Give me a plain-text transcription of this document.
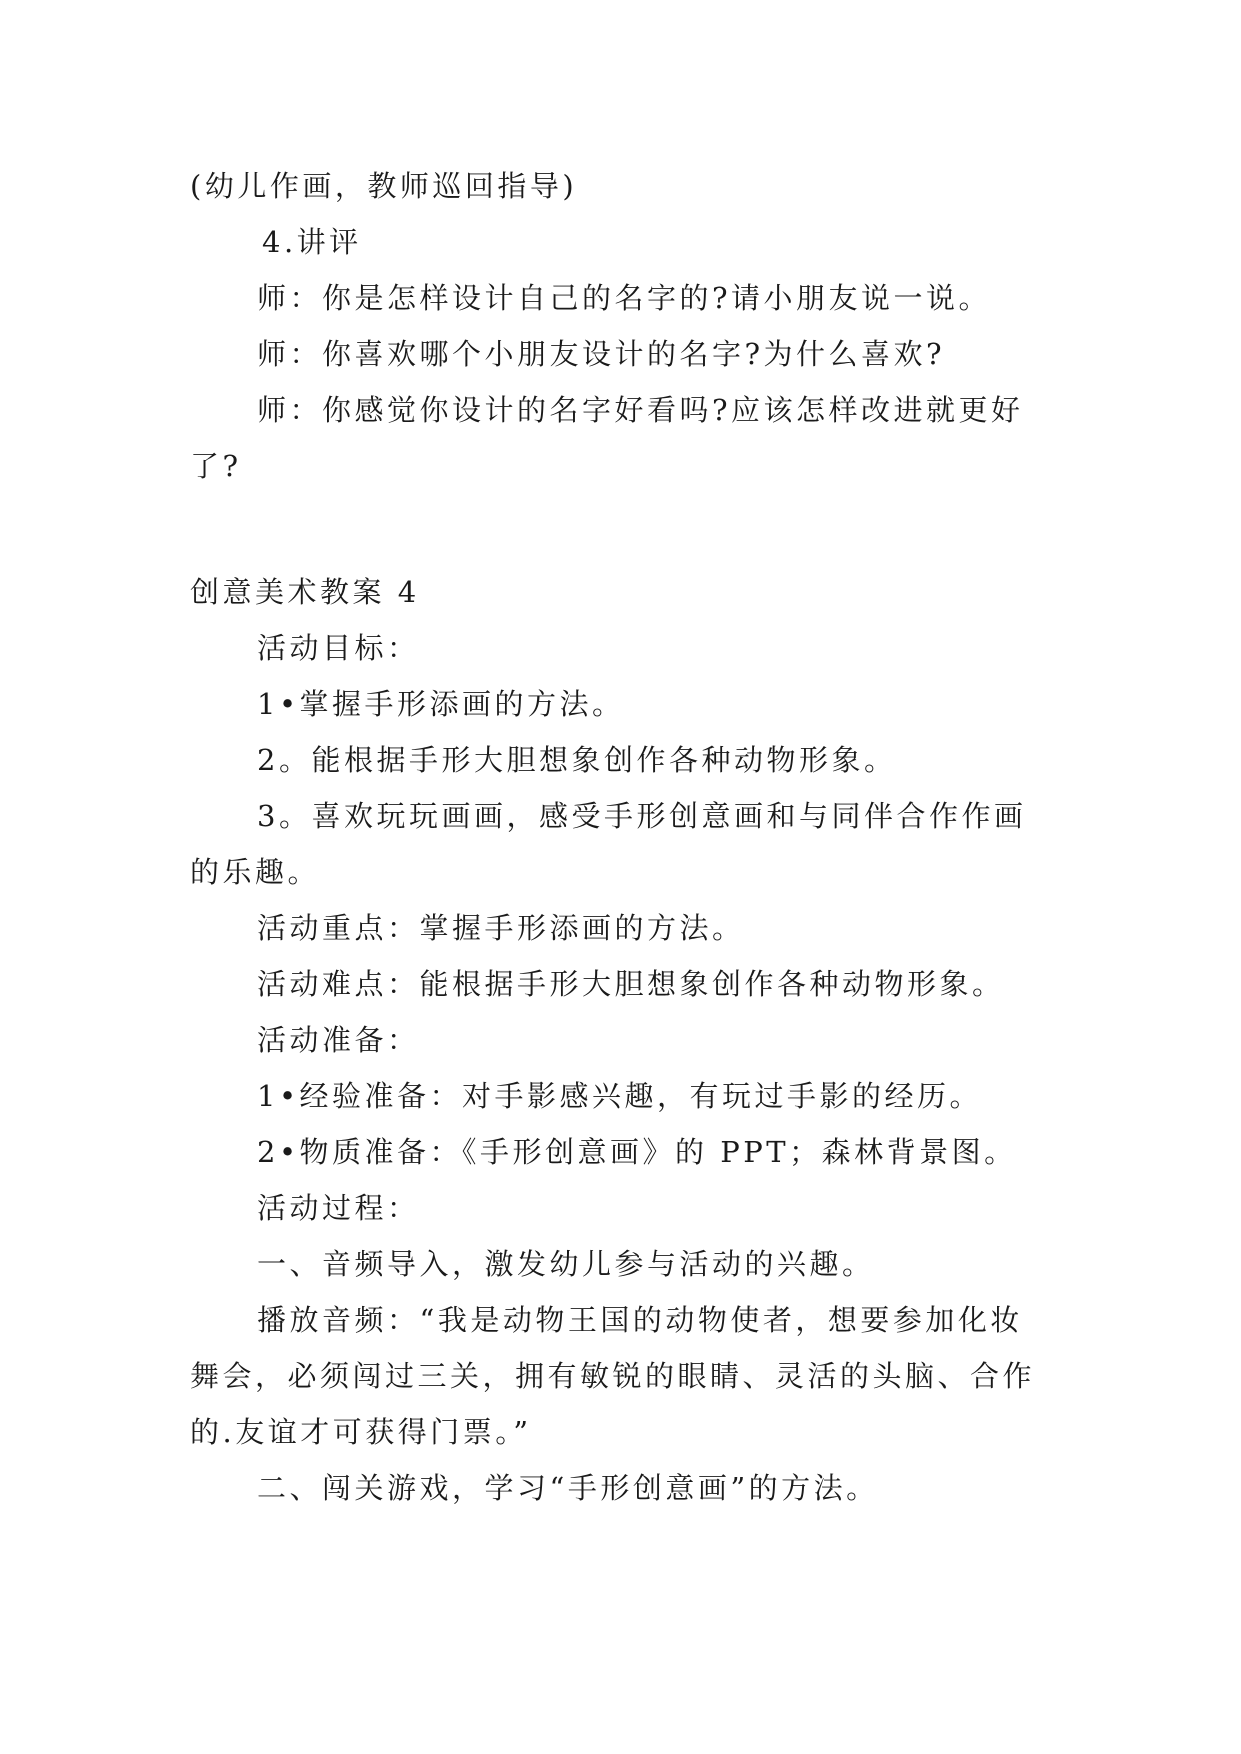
(幼儿作画，教师巡回指导)
4.讲评
师：你是怎样设计自己的名字的?请小朋友说一说。
师：你喜欢哪个小朋友设计的名字?为什么喜欢?
师：你感觉你设计的名字好看吗?应该怎样改进就更好
了?
创意美术教案 4
活动目标：
1•掌握手形添画的方法。
2。能根据手形大胆想象创作各种动物形象。
3。喜欢玩玩画画，感受手形创意画和与同伴合作作画
的乐趣。
活动重点：掌握手形添画的方法。
活动难点：能根据手形大胆想象创作各种动物形象。
活动准备：
1•经验准备：对手影感兴趣，有玩过手影的经历。
2•物质准备：《手形创意画》的 PPT；森林背景图。
活动过程：
一、音频导入，激发幼儿参与活动的兴趣。
播放音频：“我是动物王国的动物使者，想要参加化妆
舞会，必须闯过三关，拥有敏锐的眼睛、灵活的头脑、合作
的.友谊才可获得门票。”
二、闯关游戏，学习“手形创意画”的方法。
